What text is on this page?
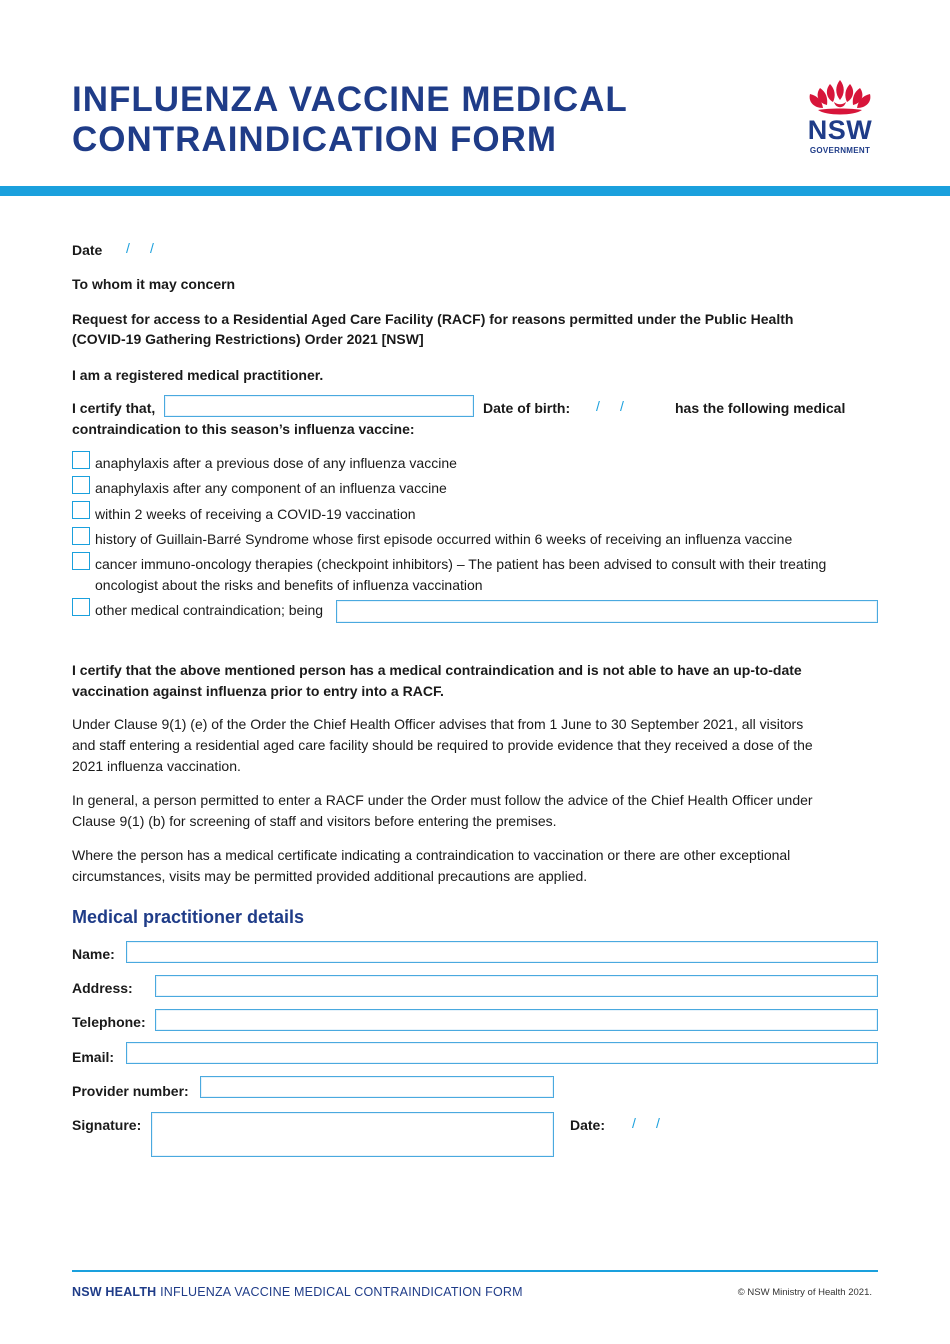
INFLUENZA VACCINE MEDICAL
CONTRAINDICATION FORM	NSW
GOVERNMENT
Date / /
To whom it may concern
Request for access to a Residential Aged Care Facility (RACF) for reasons permitted under the Public Health
(COVID-19 Gathering Restrictions) Order 2021 [NSW]
I am a registered medical practitioner.
I certify that,	Date of birth: / /	has the following medical
contraindication to this season’s influenza vaccine:
anaphylaxis after a previous dose of any influenza vaccine
anaphylaxis after any component of an influenza vaccine
within 2 weeks of receiving a COVID-19 vaccination
history of Guillain-Barré Syndrome whose first episode occurred within 6 weeks of receiving an influenza vaccine
cancer immuno-oncology therapies (checkpoint inhibitors) – The patient has been advised to consult with their treating
oncologist about the risks and benefits of influenza vaccination
other medical contraindication; being
I certify that the above mentioned person has a medical contraindication and is not able to have an up-to-date
vaccination against influenza prior to entry into a RACF.
Under Clause 9(1) (e) of the Order the Chief Health Officer advises that from 1 June to 30 September 2021, all visitors
and staff entering a residential aged care facility should be required to provide evidence that they received a dose of the
2021 influenza vaccination.
In general, a person permitted to enter a RACF under the Order must follow the advice of the Chief Health Officer under
Clause 9(1) (b) for screening of staff and visitors before entering the premises.
Where the person has a medical certificate indicating a contraindication to vaccination or there are other exceptional
circumstances, visits may be permitted provided additional precautions are applied.
Medical practitioner details
Name:
Address:
Telephone:
Email:
Provider number:
Signature:	Date: / /
NSW HEALTH INFLUENZA VACCINE MEDICAL CONTRAINDICATION FORM	© NSW Ministry of Health 2021.
